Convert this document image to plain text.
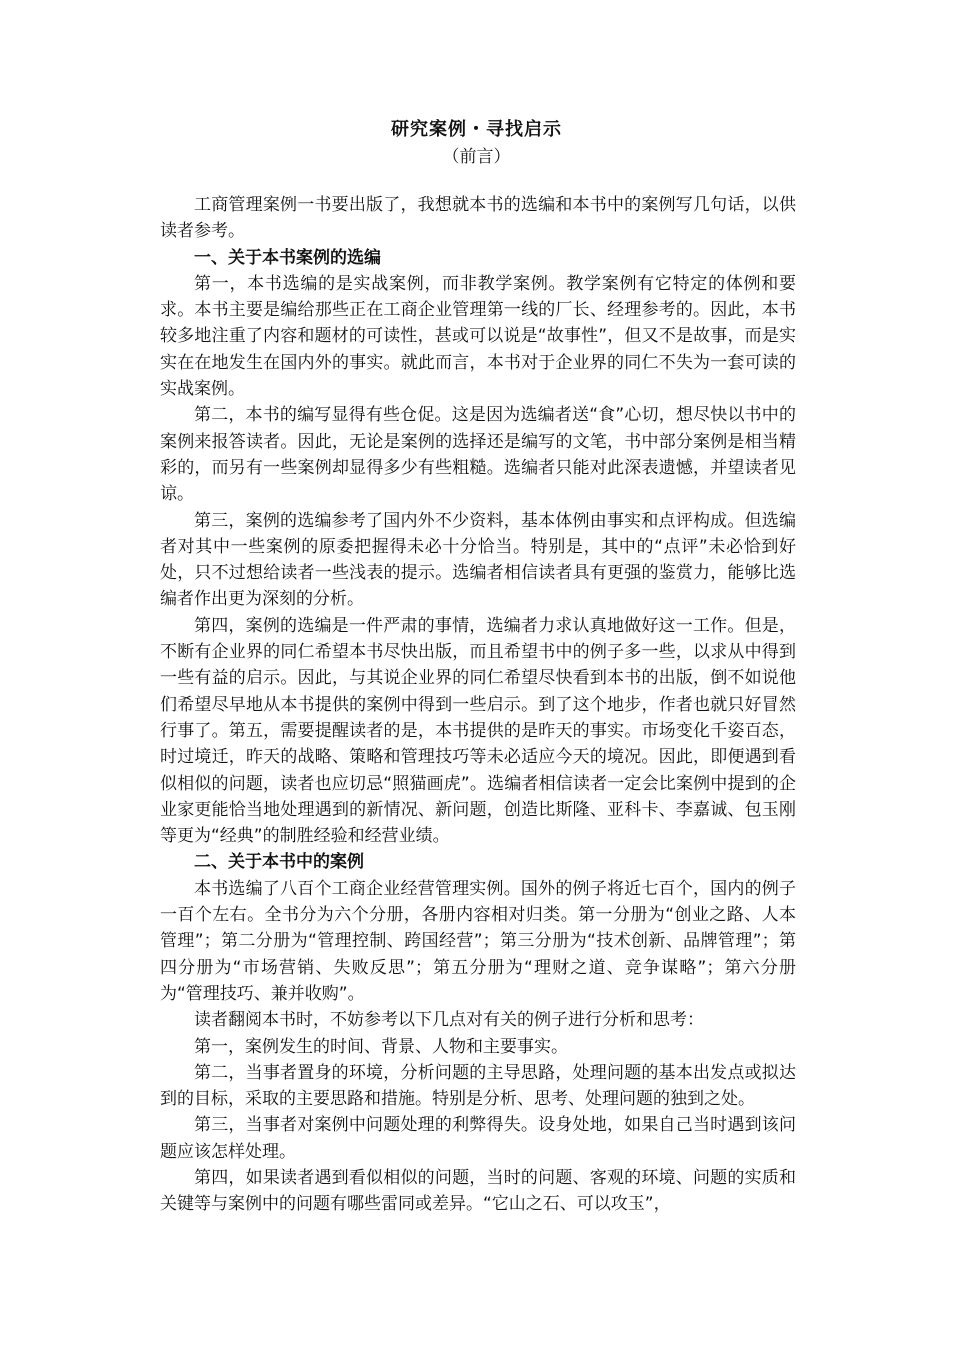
研究案例・寻找启示
（前言）

工商管理案例一书要出版了，我想就本书的选编和本书中的案例写几句话，以供读者参考。

一、关于本书案例的选编

第一，本书选编的是实战案例，而非教学案例。教学案例有它特定的体例和要求。本书主要是编给那些正在工商企业管理第一线的厂长、经理参考的。因此，本书较多地注重了内容和题材的可读性，甚或可以说是“故事性”，但又不是故事，而是实实在在地发生在国内外的事实。就此而言，本书对于企业界的同仁不失为一套可读的实战案例。

第二，本书的编写显得有些仓促。这是因为选编者送“食”心切，想尽快以书中的案例来报答读者。因此，无论是案例的选择还是编写的文笔，书中部分案例是相当精彩的，而另有一些案例却显得多少有些粗糙。选编者只能对此深表遗憾，并望读者见谅。

第三，案例的选编参考了国内外不少资料，基本体例由事实和点评构成。但选编者对其中一些案例的原委把握得未必十分恰当。特别是，其中的“点评”未必恰到好处，只不过想给读者一些浅表的提示。选编者相信读者具有更强的鉴赏力，能够比选编者作出更为深刻的分析。

第四，案例的选编是一件严肃的事情，选编者力求认真地做好这一工作。但是，不断有企业界的同仁希望本书尽快出版，而且希望书中的例子多一些，以求从中得到一些有益的启示。因此，与其说企业界的同仁希望尽快看到本书的出版，倒不如说他们希望尽早地从本书提供的案例中得到一些启示。到了这个地步，作者也就只好冒然行事了。第五，需要提醒读者的是，本书提供的是昨天的事实。市场变化千姿百态，时过境迁，昨天的战略、策略和管理技巧等未必适应今天的境况。因此，即便遇到看似相似的问题，读者也应切忌“照猫画虎”。选编者相信读者一定会比案例中提到的企业家更能恰当地处理遇到的新情况、新问题，创造比斯隆、亚科卡、李嘉诚、包玉刚等更为“经典”的制胜经验和经营业绩。

二、关于本书中的案例

本书选编了八百个工商企业经营管理实例。国外的例子将近七百个，国内的例子一百个左右。全书分为六个分册，各册内容相对归类。第一分册为“创业之路、人本管理”；第二分册为“管理控制、跨国经营”；第三分册为“技术创新、品牌管理”；第四分册为“市场营销、失败反思”；第五分册为“理财之道、竞争谋略”；第六分册为“管理技巧、兼并收购”。

读者翻阅本书时，不妨参考以下几点对有关的例子进行分析和思考：

第一，案例发生的时间、背景、人物和主要事实。

第二，当事者置身的环境，分析问题的主导思路，处理问题的基本出发点或拟达到的目标，采取的主要思路和措施。特别是分析、思考、处理问题的独到之处。

第三，当事者对案例中问题处理的利弊得失。设身处地，如果自己当时遇到该问题应该怎样处理。

第四，如果读者遇到看似相似的问题，当时的问题、客观的环境、问题的实质和关键等与案例中的问题有哪些雷同或差异。“它山之石、可以攻玉”，
